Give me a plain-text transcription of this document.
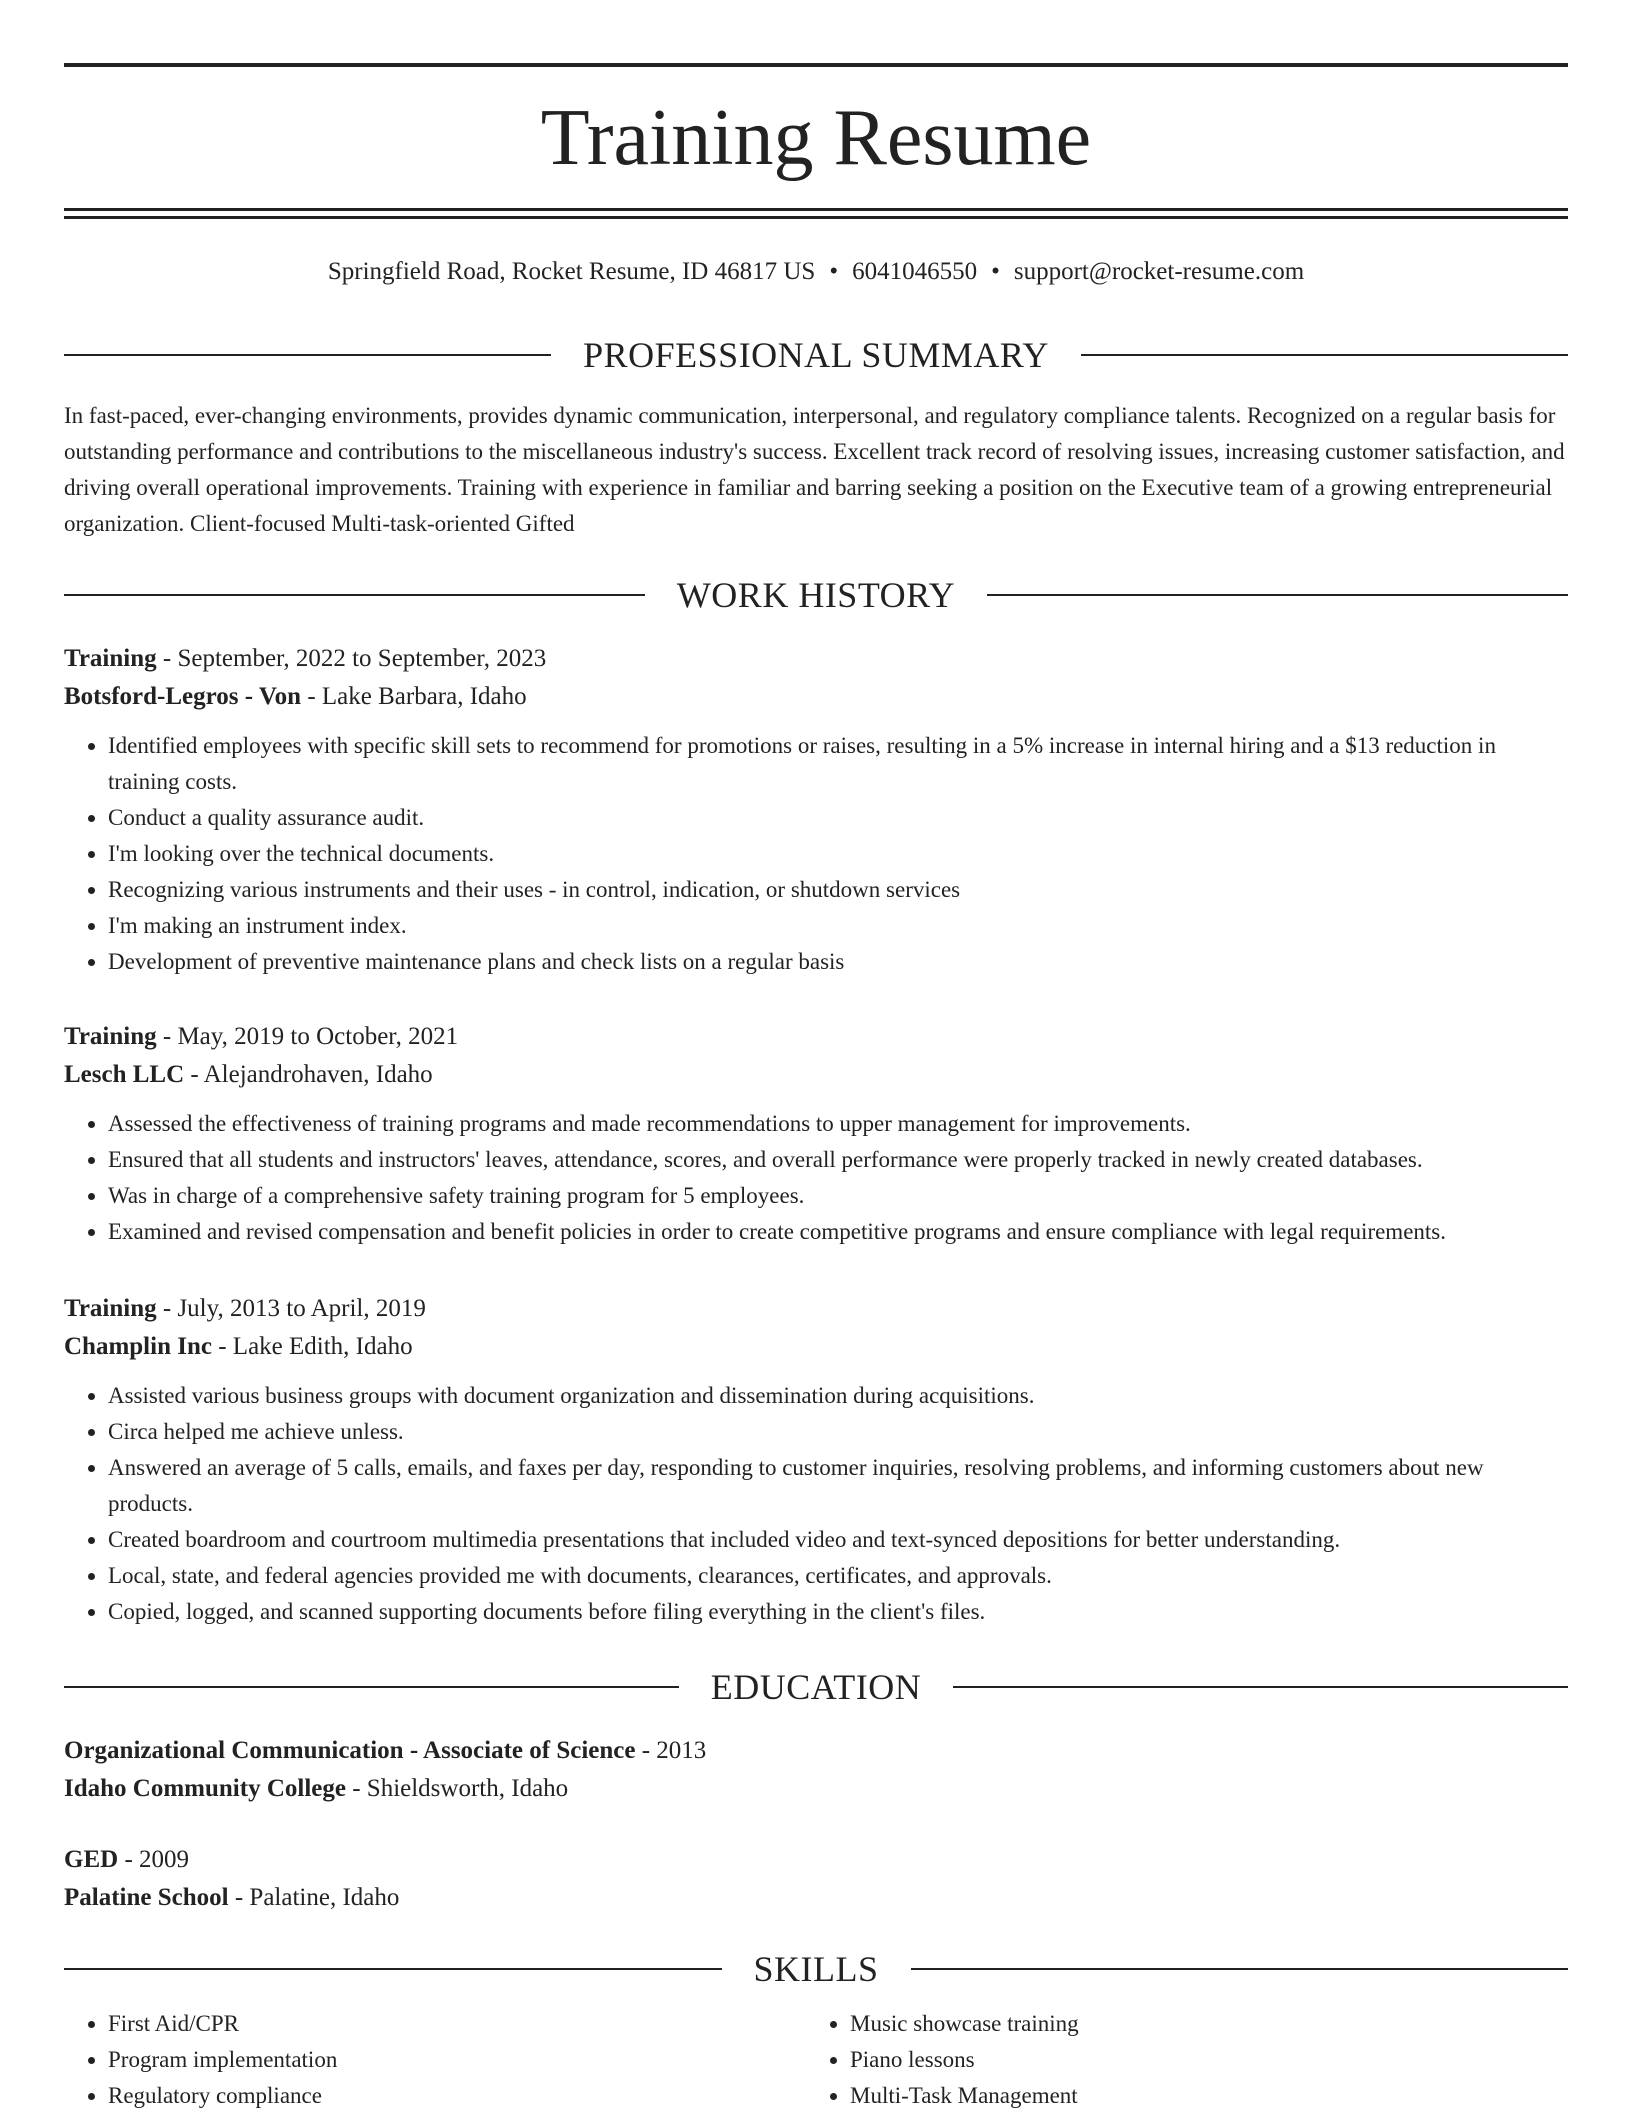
Training Resume
Springfield Road, Rocket Resume, ID 46817 US • 6041046550 • support@rocket-resume.com
PROFESSIONAL SUMMARY

In fast-paced, ever-changing environments, provides dynamic communication, interpersonal, and regulatory compliance talents. Recognized on a regular basis for outstanding performance and contributions to the miscellaneous industry's success. Excellent track record of resolving issues, increasing customer satisfaction, and driving overall operational improvements. Training with experience in familiar and barring seeking a position on the Executive team of a growing entrepreneurial organization. Client-focused Multi-task-oriented Gifted

WORK HISTORY
Training - September, 2022 to September, 2023
Botsford-Legros - Von - Lake Barbara, Idaho
• Identified employees with specific skill sets to recommend for promotions or raises, resulting in a 5% increase in internal hiring and a $13 reduction in training costs.
• Conduct a quality assurance audit.
• I'm looking over the technical documents.
• Recognizing various instruments and their uses - in control, indication, or shutdown services
• I'm making an instrument index.
• Development of preventive maintenance plans and check lists on a regular basis
Training - May, 2019 to October, 2021
Lesch LLC - Alejandrohaven, Idaho
• Assessed the effectiveness of training programs and made recommendations to upper management for improvements.
• Ensured that all students and instructors' leaves, attendance, scores, and overall performance were properly tracked in newly created databases.
• Was in charge of a comprehensive safety training program for 5 employees.
• Examined and revised compensation and benefit policies in order to create competitive programs and ensure compliance with legal requirements.
Training - July, 2013 to April, 2019
Champlin Inc - Lake Edith, Idaho
• Assisted various business groups with document organization and dissemination during acquisitions.
• Circa helped me achieve unless.
• Answered an average of 5 calls, emails, and faxes per day, responding to customer inquiries, resolving problems, and informing customers about new products.
• Created boardroom and courtroom multimedia presentations that included video and text-synced depositions for better understanding.
• Local, state, and federal agencies provided me with documents, clearances, certificates, and approvals.
• Copied, logged, and scanned supporting documents before filing everything in the client's files.
EDUCATION
Organizational Communication - Associate of Science - 2013
Idaho Community College - Shieldsworth, Idaho
GED - 2009
Palatine School - Palatine, Idaho
SKILLS
• First Aid/CPR
• Program implementation
• Regulatory compliance
• Music showcase training
• Piano lessons
• Multi-Task Management
